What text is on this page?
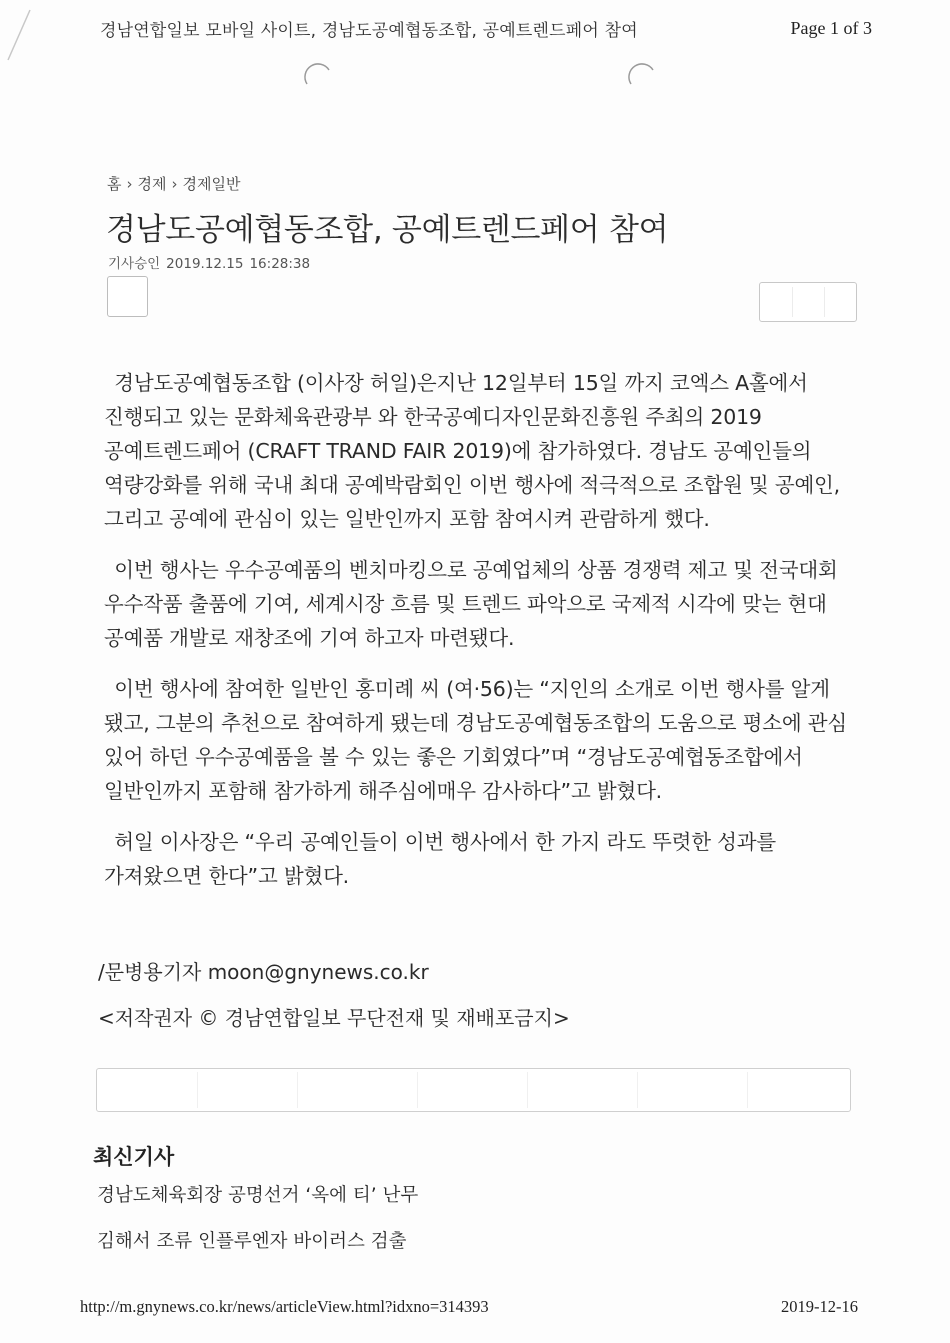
경남연합일보 모바일 사이트, 경남도공예협동조합, 공예트렌드페어 참여	Page 1 of 3
홈 › 경제 › 경제일반
경남도공예협동조합, 공예트렌드페어 참여
기사승인 2019.12.15 16:28:38

경남도공예협동조합 (이사장 허일)은지난 12일부터 15일 까지 코엑스 A홀에서 진행되고 있는 문화체육관광부 와 한국공예디자인문화진흥원 주최의 2019 공예트렌드페어 (CRAFT TRAND FAIR 2019)에 참가하였다. 경남도 공예인들의 역량강화를 위해 국내 최대 공예박람회인 이번 행사에 적극적으로 조합원 및 공예인, 그리고 공예에 관심이 있는 일반인까지 포함 참여시켜 관람하게 했다.

이번 행사는 우수공예품의 벤치마킹으로 공예업체의 상품 경쟁력 제고 및 전국대회 우수작품 출품에 기여, 세계시장 흐름 및 트렌드 파악으로 국제적 시각에 맞는 현대 공예품 개발로 재창조에 기여 하고자 마련됐다.

이번 행사에 참여한 일반인 홍미례 씨 (여·56)는 “지인의 소개로 이번 행사를 알게 됐고, 그분의 추천으로 참여하게 됐는데 경남도공예협동조합의 도움으로 평소에 관심 있어 하던 우수공예품을 볼 수 있는 좋은 기회였다”며 “경남도공예협동조합에서 일반인까지 포함해 참가하게 해주심에매우 감사하다”고 밝혔다.

허일 이사장은 “우리 공예인들이 이번 행사에서 한 가지 라도 뚜렷한 성과를 가져왔으면 한다”고 밝혔다.

/문병용기자 moon@gnynews.co.kr
<저작권자 © 경남연합일보 무단전재 및 재배포금지>
최신기사
경남도체육회장 공명선거 ‘옥에 티’ 난무
김해서 조류 인플루엔자 바이러스 검출
http://m.gnynews.co.kr/news/articleView.html?idxno=314393	2019-12-16
